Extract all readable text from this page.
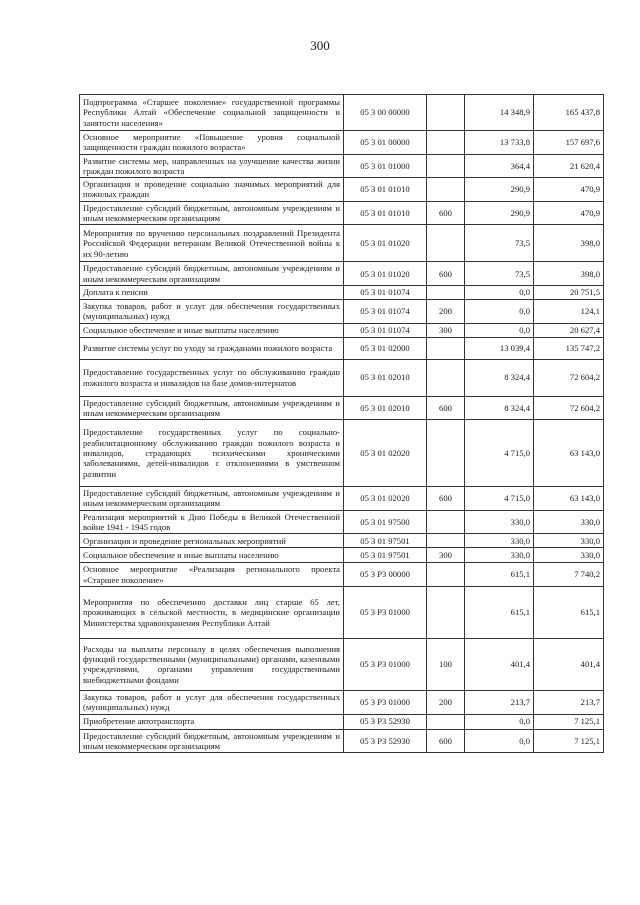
300
Подпрограмма «Старшее поколение» государственной программы Республики Алтай «Обеспечение социальной защищенности и занятости населения»	05 3 00 00000		14 348,9	165 437,8
Основное мероприятие «Повышение уровня социальной защищенности граждан пожилого возраста»	05 3 01 00000		13 733,8	157 697,6
Развитие системы мер, направленных на улучшение качества жизни граждан пожилого возраста	05 3 01 01000		364,4	21 620,4
Организация и проведение социально значимых мероприятий для пожилых граждан	05 3 01 01010		290,9	470,9
Предоставление субсидий бюджетным, автономным учреждениям и иным некоммерческим организациям	05 3 01 01010	600	290,9	470,9
Мероприятия по вручению персональных поздравлений Президента Российской Федерации ветеранам Великой Отечественной войны к их 90-летию	05 3 01 01020		73,5	398,0
Предоставление субсидий бюджетным, автономным учреждениям и иным некоммерческим организациям	05 3 01 01020	600	73,5	398,0
Доплата к пенсии	05 3 01 01074		0,0	20 751,5
Закупка товаров, работ и услуг для обеспечения государственных (муниципальных) нужд	05 3 01 01074	200	0,0	124,1
Социальное обеспечение и иные выплаты населению	05 3 01 01074	300	0,0	20 627,4
Развитие системы услуг по уходу за гражданами пожилого возраста	05 3 01 02000		13 039,4	135 747,2
Предоставление государственных услуг по обслуживанию граждан пожилого возраста и инвалидов на базе домов-интернатов	05 3 01 02010		8 324,4	72 604,2
Предоставление субсидий бюджетным, автономным учреждениям и иным некоммерческим организациям	05 3 01 02010	600	8 324,4	72 604,2
Предоставление государственных услуг по социально-реабилитационному обслуживанию граждан пожилого возраста и инвалидов, страдающих психическими хроническими заболеваниями, детей-инвалидов с отклонениями в умственном развитии	05 3 01 02020		4 715,0	63 143,0
Предоставление субсидий бюджетным, автономным учреждениям и иным некоммерческим организациям	05 3 01 02020	600	4 715,0	63 143,0
Реализация мероприятий к Дню Победы в Великой Отечественной войне 1941 - 1945 годов	05 3 01 97500		330,0	330,0
Организация и проведение региональных мероприятий	05 3 01 97501		330,0	330,0
Социальное обеспечение и иные выплаты населению	05 3 01 97501	300	330,0	330,0
Основное мероприятие «Реализация регионального проекта «Старшее поколение»	05 3 P3 00000		615,1	7 740,2
Мероприятия по обеспечению доставки лиц старше 65 лет, проживающих в сельской местности, в медицинские организации Министерства здравоохранения Республики Алтай	05 3 P3 01000		615,1	615,1
Расходы на выплаты персоналу в целях обеспечения выполнения функций государственными (муниципальными) органами, казенными учреждениями, органами управления государственными внебюджетными фондами	05 3 P3 01000	100	401,4	401,4
Закупка товаров, работ и услуг для обеспечения государственных (муниципальных) нужд	05 3 P3 01000	200	213,7	213,7
Приобретение автотранспорта	05 3 P3 52930		0,0	7 125,1
Предоставление субсидий бюджетным, автономным учреждениям и иным некоммерческим организациям	05 3 P3 52930	600	0,0	7 125,1
